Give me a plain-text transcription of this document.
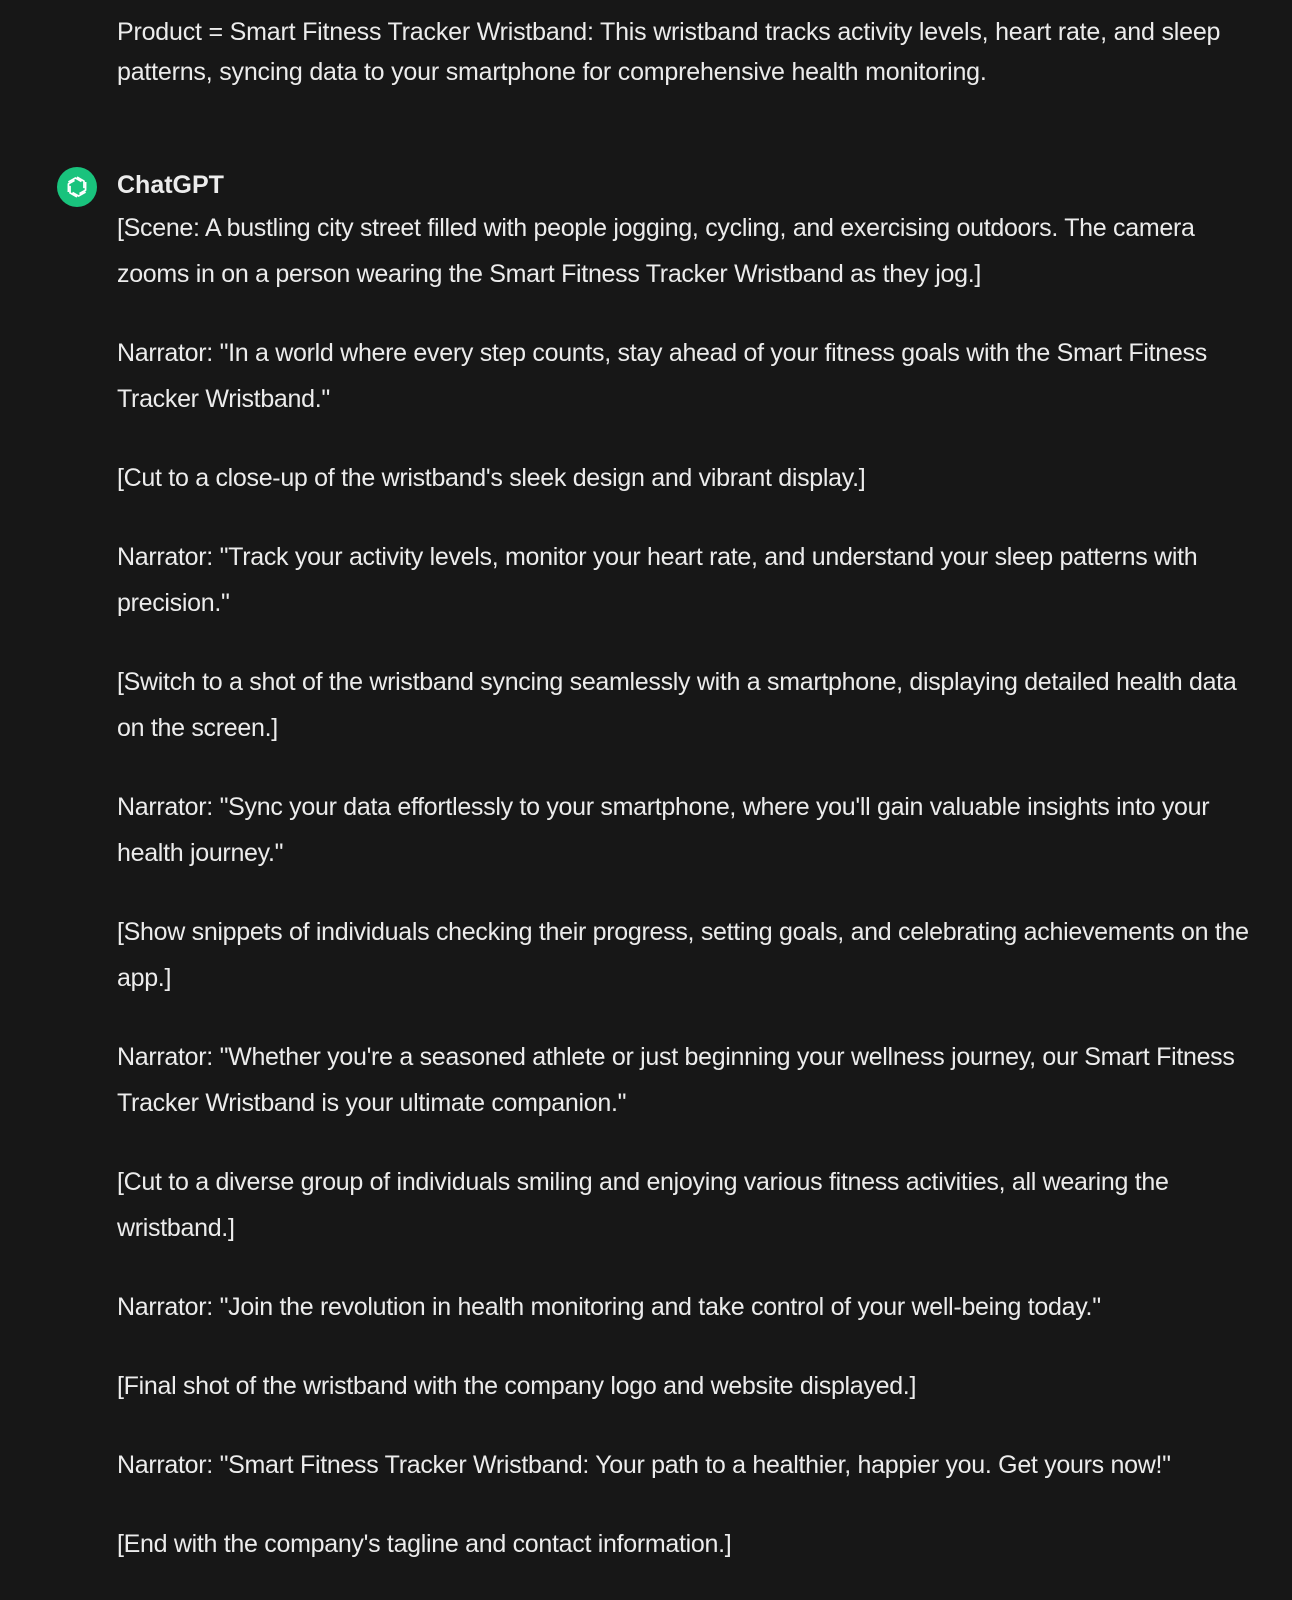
Product = Smart Fitness Tracker Wristband: This wristband tracks activity levels, heart rate, and sleep patterns, syncing data to your smartphone for comprehensive health monitoring.
ChatGPT

[Scene: A bustling city street filled with people jogging, cycling, and exercising outdoors. The camera zooms in on a person wearing the Smart Fitness Tracker Wristband as they jog.]

Narrator: "In a world where every step counts, stay ahead of your fitness goals with the Smart Fitness Tracker Wristband."

[Cut to a close-up of the wristband's sleek design and vibrant display.]

Narrator: "Track your activity levels, monitor your heart rate, and understand your sleep patterns with precision."

[Switch to a shot of the wristband syncing seamlessly with a smartphone, displaying detailed health data on the screen.]

Narrator: "Sync your data effortlessly to your smartphone, where you'll gain valuable insights into your health journey."

[Show snippets of individuals checking their progress, setting goals, and celebrating achievements on the app.]

Narrator: "Whether you're a seasoned athlete or just beginning your wellness journey, our Smart Fitness Tracker Wristband is your ultimate companion."

[Cut to a diverse group of individuals smiling and enjoying various fitness activities, all wearing the wristband.]

Narrator: "Join the revolution in health monitoring and take control of your well-being today."

[Final shot of the wristband with the company logo and website displayed.]

Narrator: "Smart Fitness Tracker Wristband: Your path to a healthier, happier you. Get yours now!"

[End with the company's tagline and contact information.]
